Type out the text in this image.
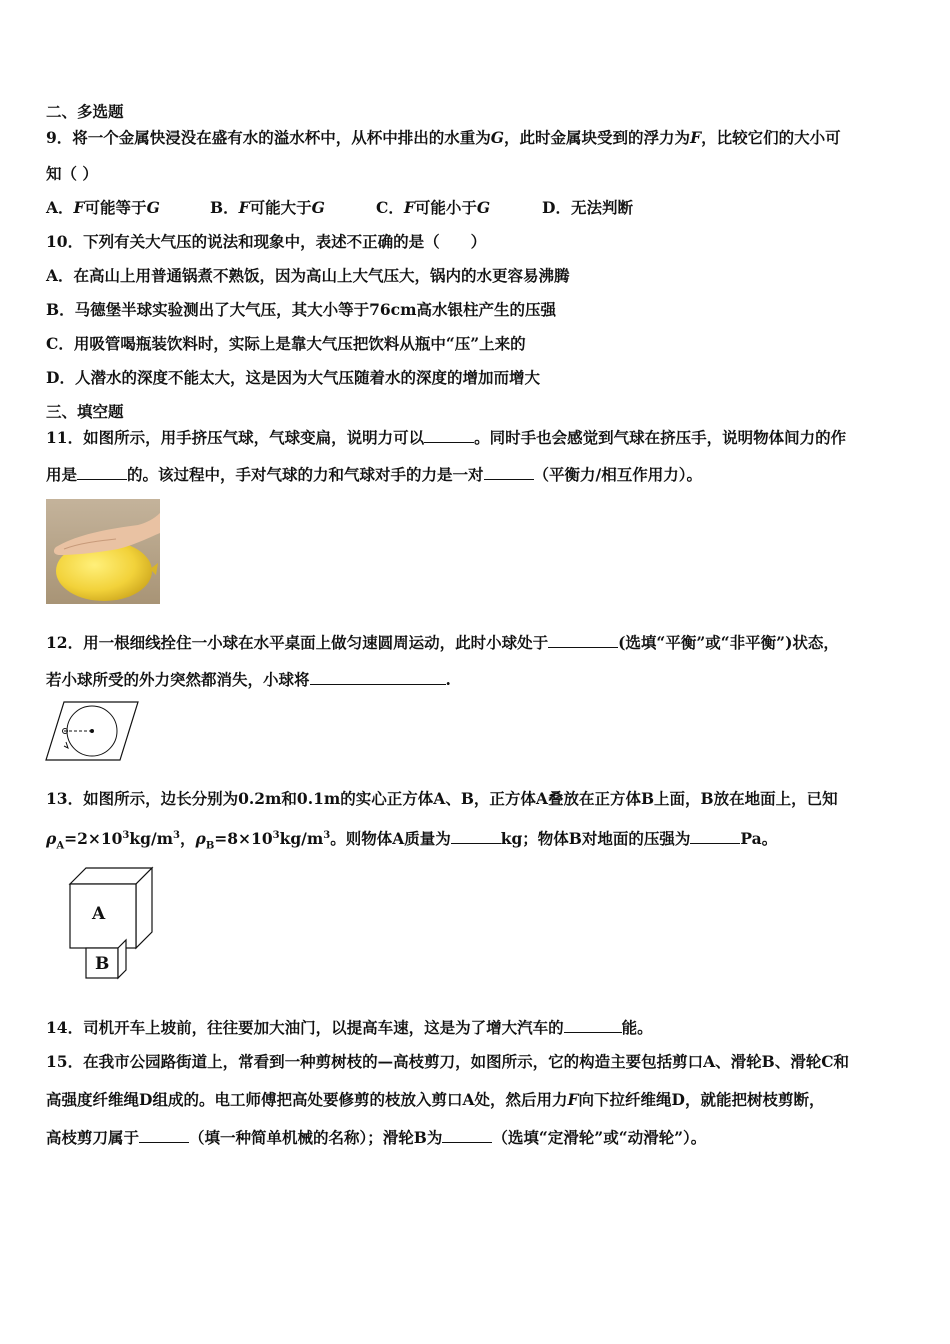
二、多选题
9．将一个金属快浸没在盛有水的溢水杯中，从杯中排出的水重为G，此时金属块受到的浮力为F，比较它们的大小可
知（ ）
A．F可能等于G	B．F可能大于G	C．F可能小于G	D．无法判断
10．下列有关大气压的说法和现象中，表述不正确的是（　　）
A．在高山上用普通锅煮不熟饭，因为高山上大气压大，锅内的水更容易沸腾
B．马德堡半球实验测出了大气压，其大小等于76cm高水银柱产生的压强
C．用吸管喝瓶装饮料时，实际上是靠大气压把饮料从瓶中“压”上来的
D．人潜水的深度不能太大，这是因为大气压随着水的深度的增加而增大
三、填空题
11．如图所示，用手挤压气球，气球变扁，说明力可以	。同时手也会感觉到气球在挤压手，说明物体间力的作
用是	的。该过程中，手对气球的力和气球对手的力是一对	（平衡力/相互作用力）。
12．用一根细线拴住一小球在水平桌面上做匀速圆周运动，此时小球处于	(选填“平衡”或“非平衡”)状态，
若小球所受的外力突然都消失，小球将	.
13．如图所示，边长分别为0.2m和0.1m的实心正方体A、B，正方体A叠放在正方体B上面，B放在地面上，已知
$\rho_A=2\times 10^3kg/m^3$，$\rho_B=8\times 10^3kg/m^3$。则物体A质量为	kg；物体B对地面的压强为	Pa。
A
B
14．司机开车上坡前，往往要加大油门，以提高车速，这是为了增大汽车的	能。
15．在我市公园路街道上，常看到一种剪树枝的—高枝剪刀，如图所示，它的构造主要包括剪口A、滑轮B、滑轮C和
高强度纤维绳D组成的。电工师傅把高处要修剪的枝放入剪口A处，然后用力F向下拉纤维绳D，就能把树枝剪断，
高枝剪刀属于	（填一种简单机械的名称）；滑轮B为	（选填“定滑轮”或“动滑轮”）。
